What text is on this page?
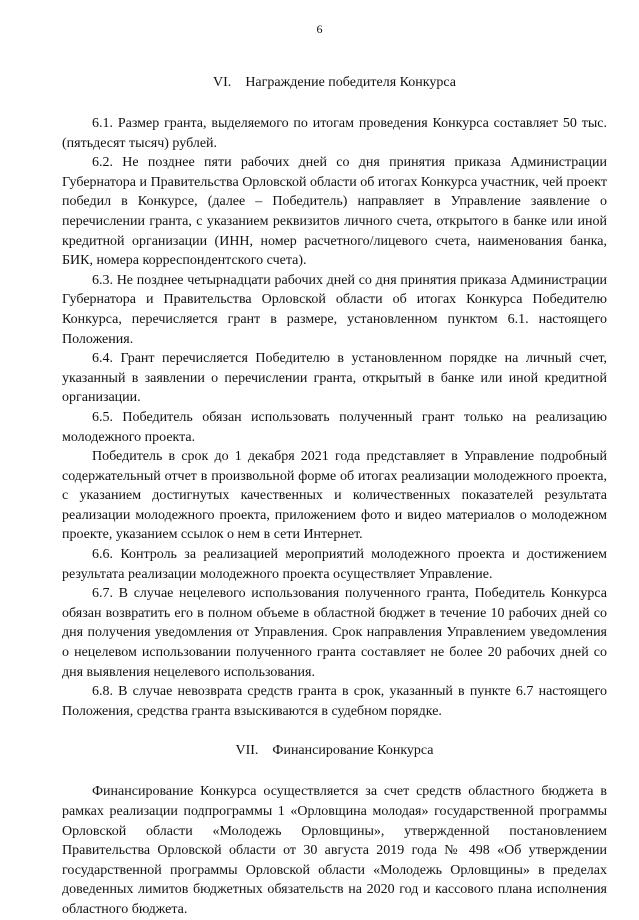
6
VI. Награждение победителя Конкурса

6.1. Размер гранта, выделяемого по итогам проведения Конкурса составляет 50 тыс. (пятьдесят тысяч) рублей.

6.2. Не позднее пяти рабочих дней со дня принятия приказа Администрации Губернатора и Правительства Орловской области об итогах Конкурса участник, чей проект победил в Конкурсе, (далее – Победитель) направляет в Управление заявление о перечислении гранта, с указанием реквизитов личного счета, открытого в банке или иной кредитной организации (ИНН, номер расчетного/лицевого счета, наименования банка, БИК, номера корреспондентского счета).

6.3. Не позднее четырнадцати рабочих дней со дня принятия приказа Администрации Губернатора и Правительства Орловской области об итогах Конкурса Победителю Конкурса, перечисляется грант в размере, установленном пунктом 6.1. настоящего Положения.

6.4. Грант перечисляется Победителю в установленном порядке на личный счет, указанный в заявлении о перечислении гранта, открытый в банке или иной кредитной организации.

6.5. Победитель обязан использовать полученный грант только на реализацию молодежного проекта.

Победитель в срок до 1 декабря 2021 года представляет в Управление подробный содержательный отчет в произвольной форме об итогах реализации молодежного проекта, с указанием достигнутых качественных и количественных показателей результата реализации молодежного проекта, приложением фото и видео материалов о молодежном проекте, указанием ссылок о нем в сети Интернет.

6.6. Контроль за реализацией мероприятий молодежного проекта и достижением результата реализации молодежного проекта осуществляет Управление.

6.7. В случае нецелевого использования полученного гранта, Победитель Конкурса обязан возвратить его в полном объеме в областной бюджет в течение 10 рабочих дней со дня получения уведомления от Управления. Срок направления Управлением уведомления о нецелевом использовании полученного гранта составляет не более 20 рабочих дней со дня выявления нецелевого использования.

6.8. В случае невозврата средств гранта в срок, указанный в пункте 6.7 настоящего Положения, средства гранта взыскиваются в судебном порядке.

VII. Финансирование Конкурса

Финансирование Конкурса осуществляется за счет средств областного бюджета в рамках реализации подпрограммы 1 «Орловщина молодая» государственной программы Орловской области «Молодежь Орловщины», утвержденной постановлением Правительства Орловской области от 30 августа 2019 года № 498 «Об утверждении государственной программы Орловской области «Молодежь Орловщины» в пределах доведенных лимитов бюджетных обязательств на 2020 год и кассового плана исполнения областного бюджета.
